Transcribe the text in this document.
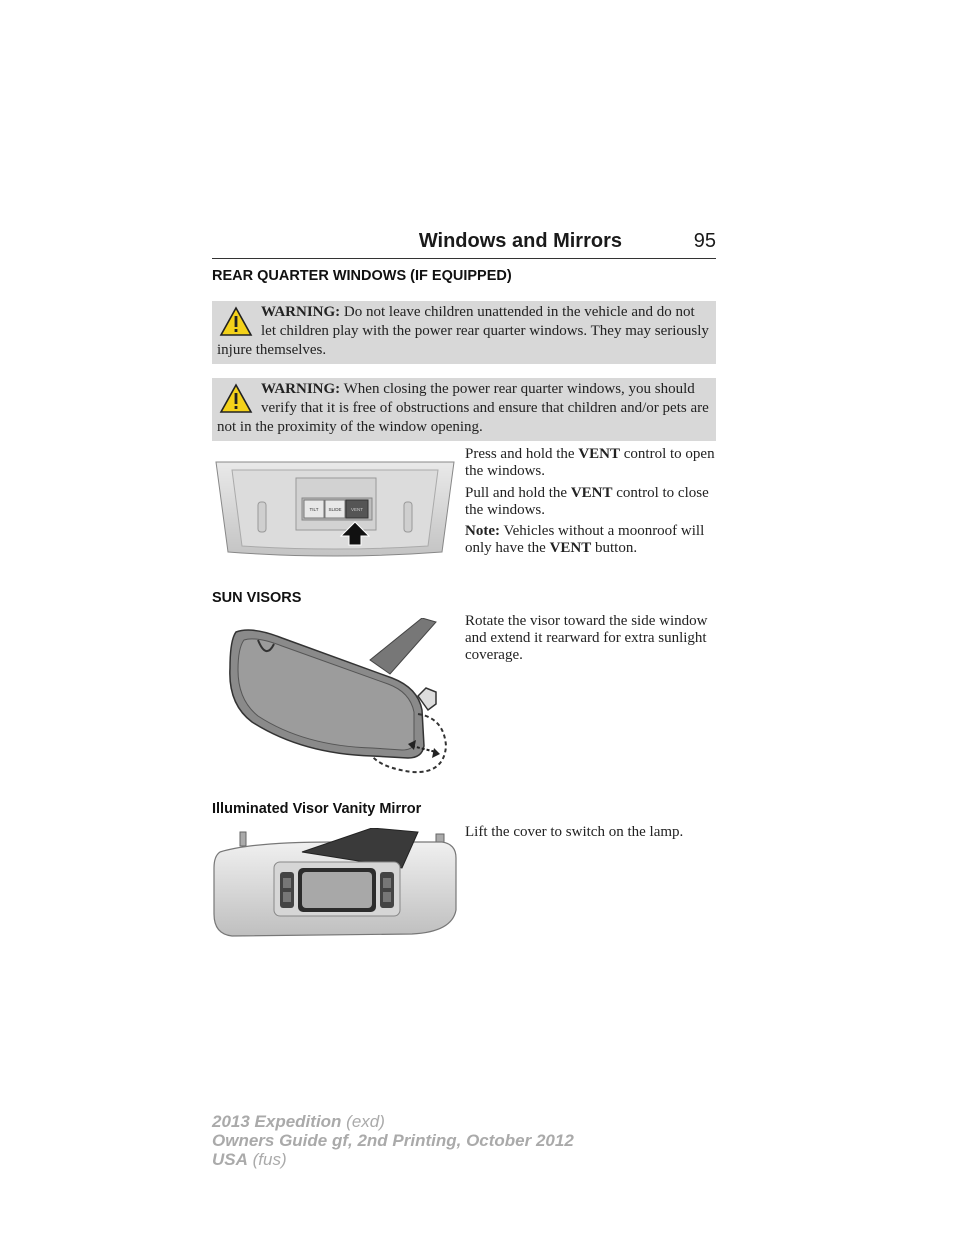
Windows and Mirrors	95
REAR QUARTER WINDOWS (IF EQUIPPED)
WARNING: Do not leave children unattended in the vehicle and do not let children play with the power rear quarter windows. They may seriously injure themselves.
WARNING: When closing the power rear quarter windows, you should verify that it is free of obstructions and ensure that children and/or pets are not in the proximity of the window opening.
TILT SLIDE VENT
Press and hold the VENT control to open the windows.
Pull and hold the VENT control to close the windows.
Note: Vehicles without a moonroof will only have the VENT button.
SUN VISORS
Rotate the visor toward the side window and extend it rearward for extra sunlight coverage.
Illuminated Visor Vanity Mirror
Lift the cover to switch on the lamp.
2013 Expedition (exd)
Owners Guide gf, 2nd Printing, October 2012
USA (fus)
